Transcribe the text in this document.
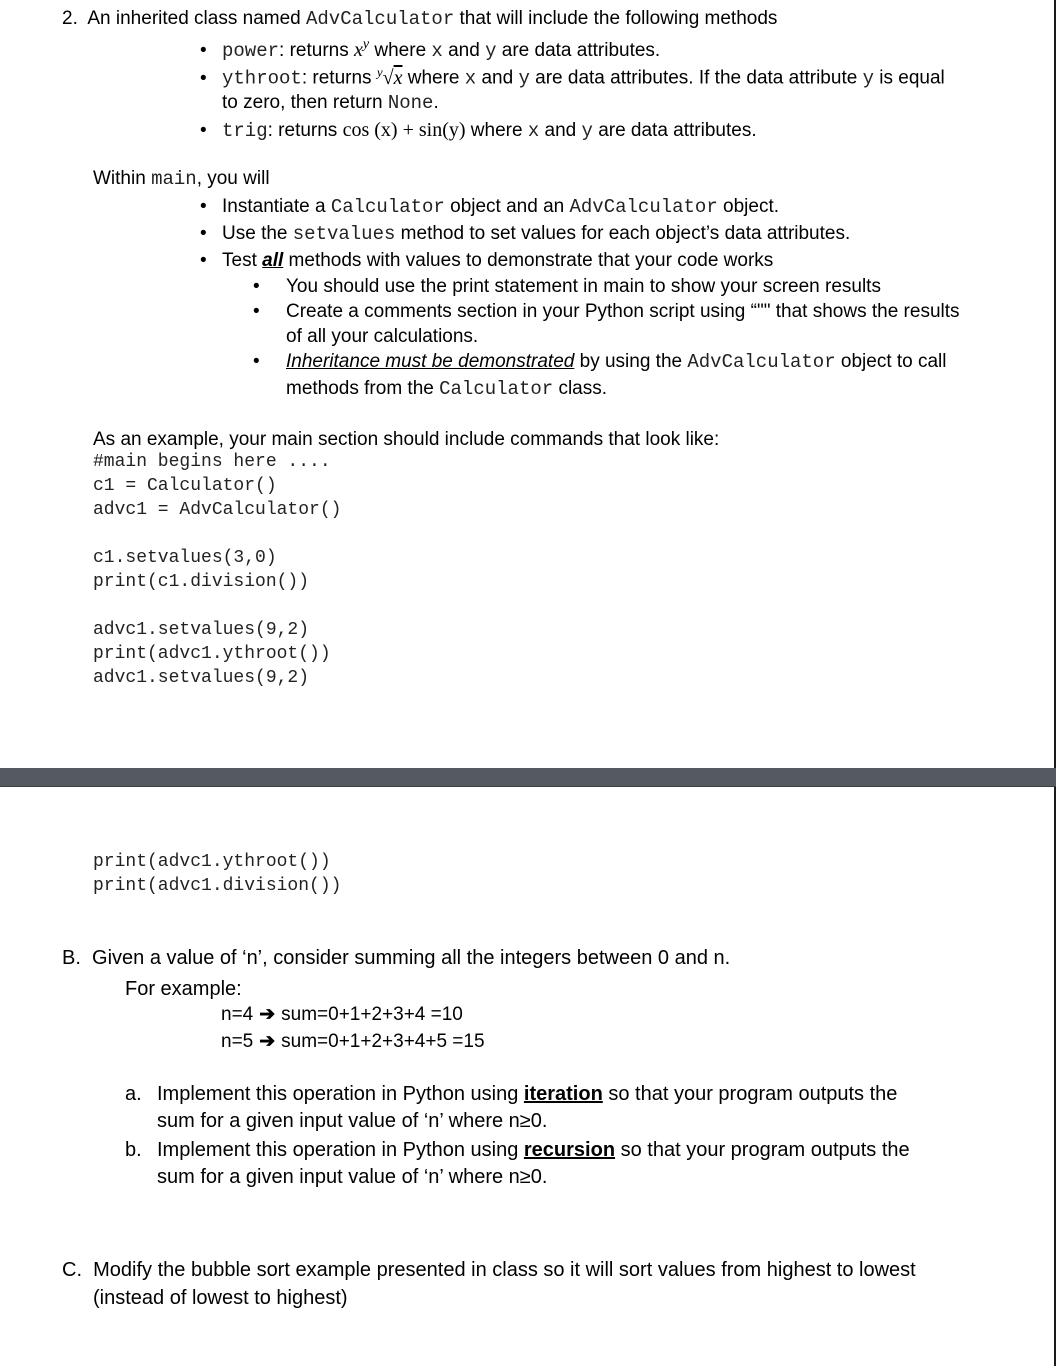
2. An inherited class named AdvCalculator that will include the following methods
• power: returns $x^y$ where x and y are data attributes.
• ythroot: returns $^y$√x where x and y are data attributes. If the data attribute y is equal
to zero, then return None.
• trig: returns cos (x) + sin(y) where x and y are data attributes.
Within main, you will
• Instantiate a Calculator object and an AdvCalculator object.
• Use the setvalues method to set values for each object’s data attributes.
• Test all methods with values to demonstrate that your code works
• You should use the print statement in main to show your screen results
• Create a comments section in your Python script using “"" that shows the results
of all your calculations.
• Inheritance must be demonstrated by using the AdvCalculator object to call
methods from the Calculator class.
As an example, your main section should include commands that look like:
#main begins here ....
c1 = Calculator()
advc1 = AdvCalculator()
c1.setvalues(3,0)
print(c1.division())
advc1.setvalues(9,2)
print(advc1.ythroot())
advc1.setvalues(9,2)
print(advc1.ythroot())
print(advc1.division())
B. Given a value of ‘n’, consider summing all the integers between 0 and n.
For example:
n=4 ➔ sum=0+1+2+3+4 =10
n=5 ➔ sum=0+1+2+3+4+5 =15
a. Implement this operation in Python using iteration so that your program outputs the
sum for a given input value of ‘n’ where n≥0.
b. Implement this operation in Python using recursion so that your program outputs the
sum for a given input value of ‘n’ where n≥0.
C. Modify the bubble sort example presented in class so it will sort values from highest to lowest
(instead of lowest to highest)
